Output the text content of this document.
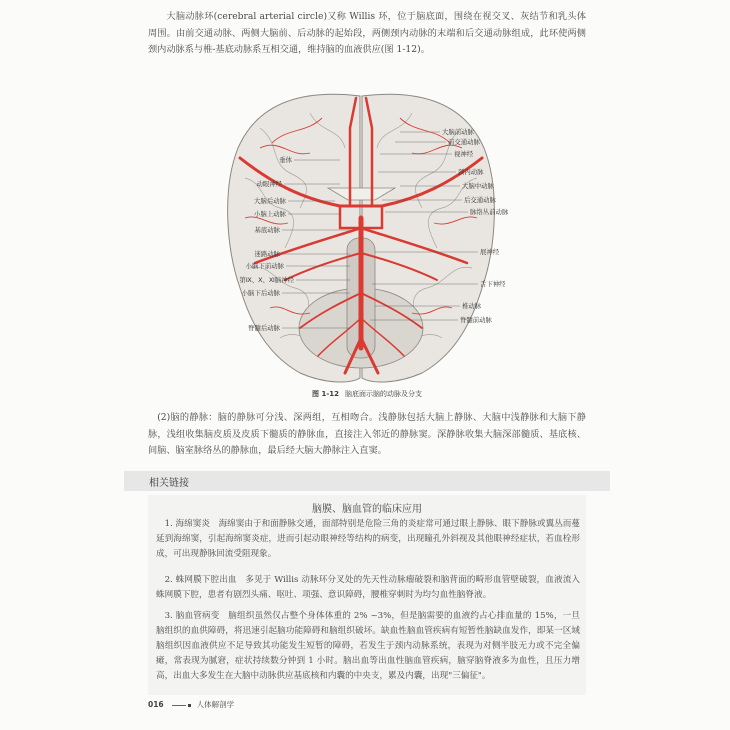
大脑动脉环(cerebral arterial circle)又称 Willis 环，位于脑底面，围绕在视交叉、灰结节和乳头体周围。由前交通动脉、两侧大脑前、后动脉的起始段，两侧颈内动脉的末端和后交通动脉组成，此环使两侧颈内动脉系与椎-基底动脉系互相交通，维持脑的血液供应(图 1-12)。
大脑前动脉
前交通动脉
视神经
颈内动脉
大脑中动脉
后交通动脉
脉络丛前动脉
展神经
舌下神经
椎动脉
脊髓前动脉
垂体
动眼神经
大脑后动脉
小脑上动脉
基底动脉
迷路动脉
小脑下前动脉
第Ⅸ、Ⅹ、Ⅺ脑神经
小脑下后动脉
脊髓后动脉
图 1-12 脑底面示脑的动脉及分支
(2)脑的静脉：脑的静脉可分浅、深两组，互相吻合。浅静脉包括大脑上静脉、大脑中浅静脉和大脑下静脉，浅组收集脑皮质及皮质下髓质的静脉血，直接注入邻近的静脉窦。深静脉收集大脑深部髓质、基底核、间脑、脑室脉络丛的静脉血，最后经大脑大静脉注入直窦。
相关链接
脑膜、脑血管的临床应用
1. 海绵窦炎　海绵窦由于和面静脉交通，面部特别是危险三角的炎症常可通过眼上静脉、眼下静脉或翼丛而蔓延到海绵窦，引起海绵窦炎症，进而引起动眼神经等结构的病变，出现瞳孔外斜视及其他眼神经症状，若血栓形成，可出现静脉回流受阻现象。
2. 蛛网膜下腔出血　多见于 Willis 动脉环分叉处的先天性动脉瘤破裂和脑背面的畸形血管壁破裂，血液流入蛛网膜下腔，患者有剧烈头痛、呕吐、项强、意识障碍，腰椎穿刺时为均匀血性脑脊液。
3. 脑血管病变　脑组织虽然仅占整个身体体重的 2% ~3%，但是脑需要的血液约占心排血量的 15%，一旦脑组织的血供障碍，将迅速引起脑功能障碍和脑组织破坏。缺血性脑血管疾病有短暂性脑缺血发作，即某一区域脑组织因血液供应不足导致其功能发生短暂的障碍，若发生于颈内动脉系统，表现为对侧半肢无力或不完全偏瘫，常表现为腻窘，症状持续数分钟到 1 小时。脑出血等出血性脑血管疾病，脑穿脑脊液多为血性，且压力增高，出血大多发生在大脑中动脉供应基底核和内囊的中央支，累及内囊，出现"三偏征"。
016	人体解剖学
